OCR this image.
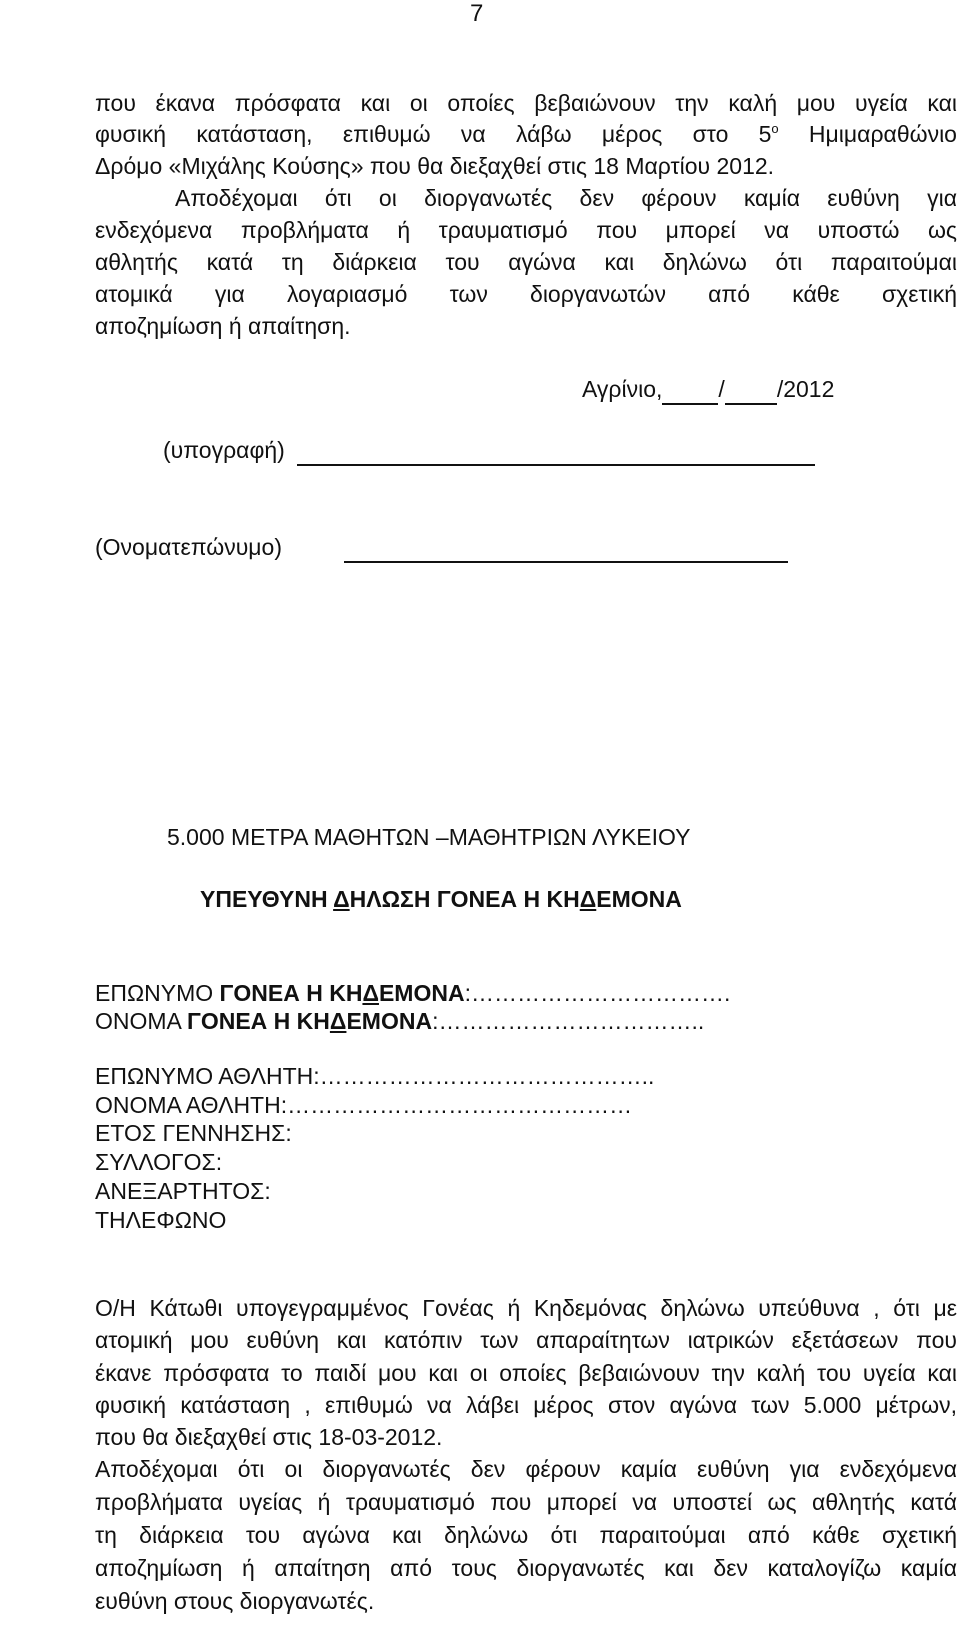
7
που έκανα πρόσφατα και οι οποίες βεβαιώνουν την καλή μου υγεία και
φυσική κατάσταση, επιθυμώ να λάβω μέρος στο $5^o$ Ημιμαραθώνιο
Δρόμο «Μιχάλης Κούσης» που θα διεξαχθεί στις 18 Μαρτίου 2012.
Αποδέχομαι ότι οι διοργανωτές δεν φέρουν καμία ευθύνη για
ενδεχόμενα προβλήματα ή τραυματισμό που μπορεί να υποστώ ως
αθλητής κατά τη διάρκεια του αγώνα και δηλώνω ότι παραιτούμαι
ατομικά για λογαριασμό των διοργανωτών από κάθε σχετική
αποζημίωση ή απαίτηση.
Αγρίνιο, / /2012
(υπογραφή)
(Ονοματεπώνυμο)
5.000 ΜΕΤΡΑ ΜΑΘΗΤΩΝ –ΜΑΘΗΤΡΙΩΝ ΛΥΚΕΙΟΥ
ΥΠΕΥΘΥΝΗ ΔΗΛΩΣΗ ΓΟΝΕΑ Η ΚΗΔΕΜΟΝΑ
ΕΠΩΝΥΜΟ ΓΟΝΕΑ Η ΚΗΔΕΜΟΝΑ:…………………………….
ΟΝΟΜΑ ΓΟΝΕΑ Η ΚΗΔΕΜΟΝΑ:……………………………..
ΕΠΩΝΥΜΟ ΑΘΛΗΤΗ:……………………………………..
ΟΝΟΜΑ ΑΘΛΗΤΗ:………………………………………
ΕΤΟΣ ΓΕΝΝΗΣΗΣ:
ΣΥΛΛΟΓΟΣ:
ΑΝΕΞΑΡΤΗΤΟΣ:
ΤΗΛΕΦΩΝΟ
Ο/Η Κάτωθι υπογεγραμμένος Γονέας ή Κηδεμόνας δηλώνω υπεύθυνα , ότι με
ατομική μου ευθύνη και κατόπιν των απαραίτητων ιατρικών εξετάσεων που
έκανε πρόσφατα το παιδί μου και οι οποίες βεβαιώνουν την καλή του υγεία και
φυσική κατάσταση , επιθυμώ να λάβει μέρος στον αγώνα των 5.000 μέτρων,
που θα διεξαχθεί στις 18-03-2012.
Αποδέχομαι ότι οι διοργανωτές δεν φέρουν καμία ευθύνη για ενδεχόμενα
προβλήματα υγείας ή τραυματισμό που μπορεί να υποστεί ως αθλητής κατά
τη διάρκεια του αγώνα και δηλώνω ότι παραιτούμαι από κάθε σχετική
αποζημίωση ή απαίτηση από τους διοργανωτές και δεν καταλογίζω καμία
ευθύνη στους διοργανωτές.
